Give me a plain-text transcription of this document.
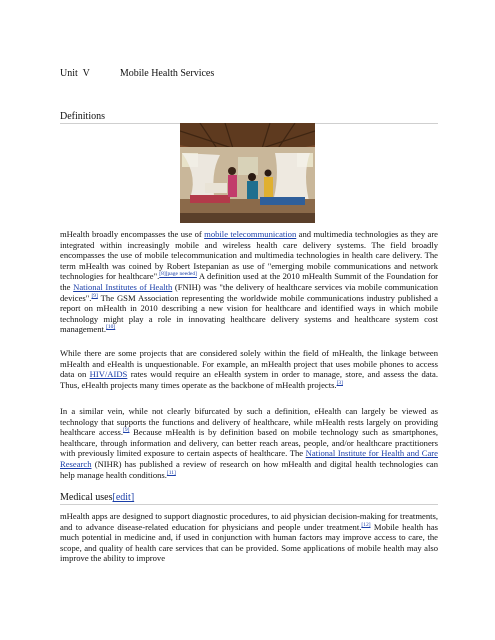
Unit  V	Mobile Health Services
Definitions

mHealth broadly encompasses the use of mobile telecommunication and multimedia technologies as they are integrated within increasingly mobile and wireless health care delivery systems. The field broadly encompasses the use of mobile telecommunication and multimedia technologies in health care delivery. The term mHealth was coined by Robert Istepanian as use of "emerging mobile communications and network technologies for healthcare".[8][page needed] A definition used at the 2010 mHealth Summit of the Foundation for the National Institutes of Health (FNIH) was "the delivery of healthcare services via mobile communication devices".[9] The GSM Association representing the worldwide mobile communications industry published a report on mHealth in 2010 describing a new vision for healthcare and identified ways in which mobile technology might play a role in innovating healthcare delivery systems and healthcare system cost management.[10]

While there are some projects that are considered solely within the field of mHealth, the linkage between mHealth and eHealth is unquestionable. For example, an mHealth project that uses mobile phones to access data on HIV/AIDS rates would require an eHealth system in order to manage, store, and assess the data. Thus, eHealth projects many times operate as the backbone of mHealth projects.[3]

In a similar vein, while not clearly bifurcated by such a definition, eHealth can largely be viewed as technology that supports the functions and delivery of healthcare, while mHealth rests largely on providing healthcare access.[9] Because mHealth is by definition based on mobile technology such as smartphones, healthcare, through information and delivery, can better reach areas, people, and/or healthcare practitioners with previously limited exposure to certain aspects of healthcare. The National Institute for Health and Care Research (NIHR) has published a review of research on how mHealth and digital health technologies can help manage health conditions.[11]

Medical uses[edit]

mHealth apps are designed to support diagnostic procedures, to aid physician decision-making for treatments, and to advance disease-related education for physicians and people under treatment.[12] Mobile health has much potential in medicine and, if used in conjunction with human factors may improve access to care, the scope, and quality of health care services that can be provided. Some applications of mobile health may also improve the ability to improve
